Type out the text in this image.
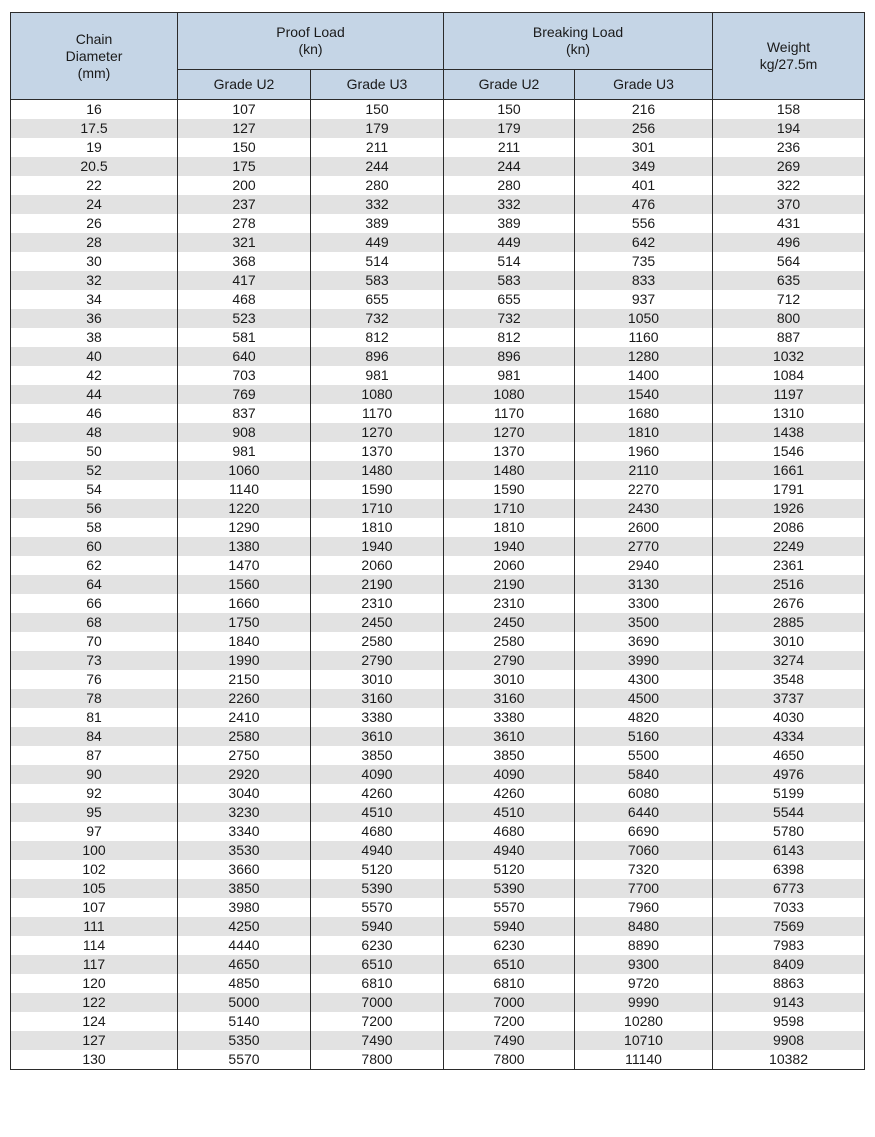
Chain
Diameter
(mm)	Proof Load
(kn)		Breaking Load
(kn)		Weight
kg/27.5m

	Grade U2	Grade U3	Grade U2	Grade U3	
16	107	150	150	216	158
17.5	127	179	179	256	194
19	150	211	211	301	236
20.5	175	244	244	349	269
22	200	280	280	401	322
24	237	332	332	476	370
26	278	389	389	556	431
28	321	449	449	642	496
30	368	514	514	735	564
32	417	583	583	833	635
34	468	655	655	937	712
36	523	732	732	1050	800
38	581	812	812	1160	887
40	640	896	896	1280	1032
42	703	981	981	1400	1084
44	769	1080	1080	1540	1197
46	837	1170	1170	1680	1310
48	908	1270	1270	1810	1438
50	981	1370	1370	1960	1546
52	1060	1480	1480	2110	1661
54	1140	1590	1590	2270	1791
56	1220	1710	1710	2430	1926
58	1290	1810	1810	2600	2086
60	1380	1940	1940	2770	2249
62	1470	2060	2060	2940	2361
64	1560	2190	2190	3130	2516
66	1660	2310	2310	3300	2676
68	1750	2450	2450	3500	2885
70	1840	2580	2580	3690	3010
73	1990	2790	2790	3990	3274
76	2150	3010	3010	4300	3548
78	2260	3160	3160	4500	3737
81	2410	3380	3380	4820	4030
84	2580	3610	3610	5160	4334
87	2750	3850	3850	5500	4650
90	2920	4090	4090	5840	4976
92	3040	4260	4260	6080	5199
95	3230	4510	4510	6440	5544
97	3340	4680	4680	6690	5780
100	3530	4940	4940	7060	6143
102	3660	5120	5120	7320	6398
105	3850	5390	5390	7700	6773
107	3980	5570	5570	7960	7033
111	4250	5940	5940	8480	7569
114	4440	6230	6230	8890	7983
117	4650	6510	6510	9300	8409
120	4850	6810	6810	9720	8863
122	5000	7000	7000	9990	9143
124	5140	7200	7200	10280	9598
127	5350	7490	7490	10710	9908
130	5570	7800	7800	11140	10382
